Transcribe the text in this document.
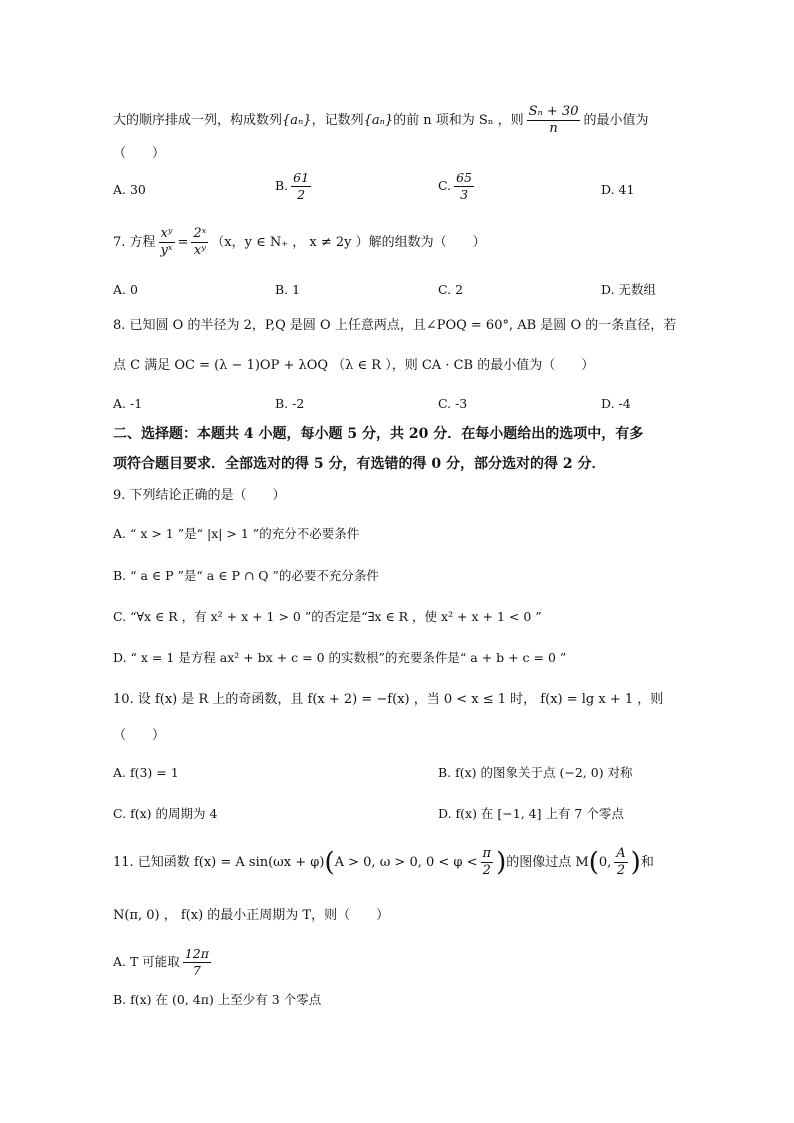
大的顺序排成一列，构成数列{aₙ}，记数列{aₙ}的前 n 项和为 Sₙ ，则 $\frac{\text{Sₙ + 30}}{n}$ 的最小值为
（　　）
A. 30	B. $\frac{61}{2}$	C. $\frac{65}{3}$	D. 41
7. 方程 $\frac{\text{xʸ}}{\text{yˣ}} = \frac{\text{2ˣ}}{\text{xʸ}} (x$，y ∈ N₊ ， x ≠ 2y ）解的组数为（　　）
A. 0	B. 1	C. 2	D. 无数组
8. 已知圆 O 的半径为 2，P,Q 是圆 O 上任意两点，且∠POQ = 60°, AB 是圆 O 的一条直径，若
点 C 满足 OC = (λ − 1)OP + λOQ （λ ∈ R ），则 CA · CB 的最小值为（　　）
A. -1	B. -2	C. -3	D. -4
二、选择题：本题共 4 小题，每小题 5 分，共 20 分．在每小题给出的选项中，有多
项符合题目要求．全部选对的得 5 分，有选错的得 0 分，部分选对的得 2 分．
9. 下列结论正确的是（　　）
A. “ x > 1 ”是“ |x| > 1 ”的充分不必要条件
B. “ a ∈ P ”是“ a ∈ P ∩ Q ”的必要不充分条件
C. “∀x ∈ R ，有 x² + x + 1 > 0 ”的否定是“∃x ∈ R ，使 x² + x + 1 < 0 ”
D. “ x = 1 是方程 ax² + bx + c = 0 的实数根”的充要条件是“ a + b + c = 0 ”
10. 设 f(x) 是 R 上的奇函数，且 f(x + 2) = −f(x) ，当 0 < x ≤ 1 时， f(x) = lg x + 1 ，则
（　　）
A. f(3) = 1	B. f(x) 的图象关于点 (−2, 0) 对称
C. f(x) 的周期为 4	D. f(x) 在 [−1, 4] 上有 7 个零点
11. 已知函数 f(x) = A sin(ωx + φ)(A > 0, ω > 0, $0 < \varphi < \frac{\pi}{2}$ )的图像过点 M(0, $\frac{A}{2}$ )和
N(π, 0) ， f(x) 的最小正周期为 T，则（　　）
A. T 可能取 $\frac{12\pi}{7}$
B. f(x) 在 (0, 4π) 上至少有 3 个零点
